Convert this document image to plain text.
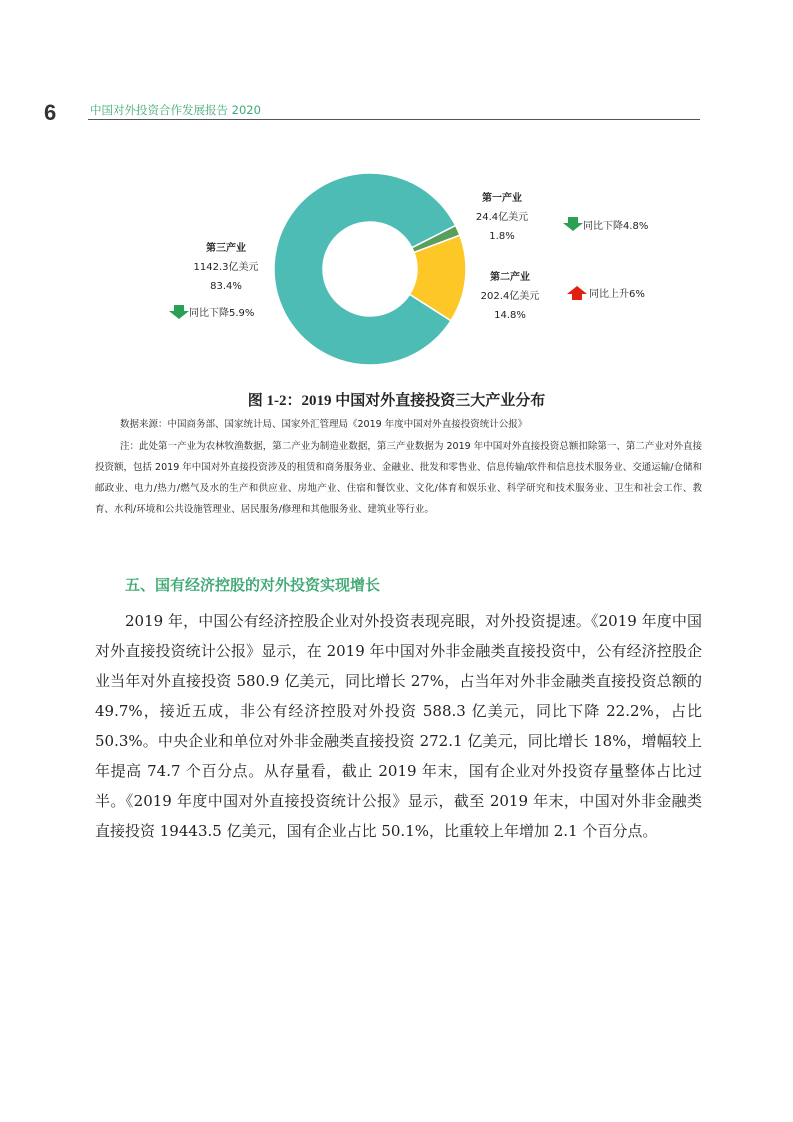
6	中国对外投资合作发展报告 2020
第一产业
24.4亿美元
1.8%
同比下降4.8%
第二产业
202.4亿美元
14.8%
同比上升6%
第三产业
1142.3亿美元
83.4%
同比下降5.9%
图 1-2：2019 中国对外直接投资三大产业分布
数据来源：中国商务部、国家统计局、国家外汇管理局《2019 年度中国对外直接投资统计公报》
注：此处第一产业为农林牧渔数据，第二产业为制造业数据，第三产业数据为 2019 年中国对外直接投资总额扣除第一、第二产业对外直接投资额，包括 2019 年中国对外直接投资涉及的租赁和商务服务业、金融业、批发和零售业、信息传输/软件和信息技术服务业、交通运输/仓储和邮政业、电力/热力/燃气及水的生产和供应业、房地产业、住宿和餐饮业、文化/体育和娱乐业、科学研究和技术服务业、卫生和社会工作、教育、水利/环境和公共设施管理业、居民服务/修理和其他服务业、建筑业等行业。
五、国有经济控股的对外投资实现增长

2019 年，中国公有经济控股企业对外投资表现亮眼，对外投资提速。《2019 年度中国对外直接投资统计公报》显示，在 2019 年中国对外非金融类直接投资中，公有经济控股企业当年对外直接投资 580.9 亿美元，同比增长 27%，占当年对外非金融类直接投资总额的 49.7%，接近五成，非公有经济控股对外投资 588.3 亿美元，同比下降 22.2%，占比 50.3%。中央企业和单位对外非金融类直接投资 272.1 亿美元，同比增长 18%，增幅较上年提高 74.7 个百分点。从存量看，截止 2019 年末，国有企业对外投资存量整体占比过半。《2019 年度中国对外直接投资统计公报》显示，截至 2019 年末，中国对外非金融类直接投资 19443.5 亿美元，国有企业占比 50.1%，比重较上年增加 2.1 个百分点。
